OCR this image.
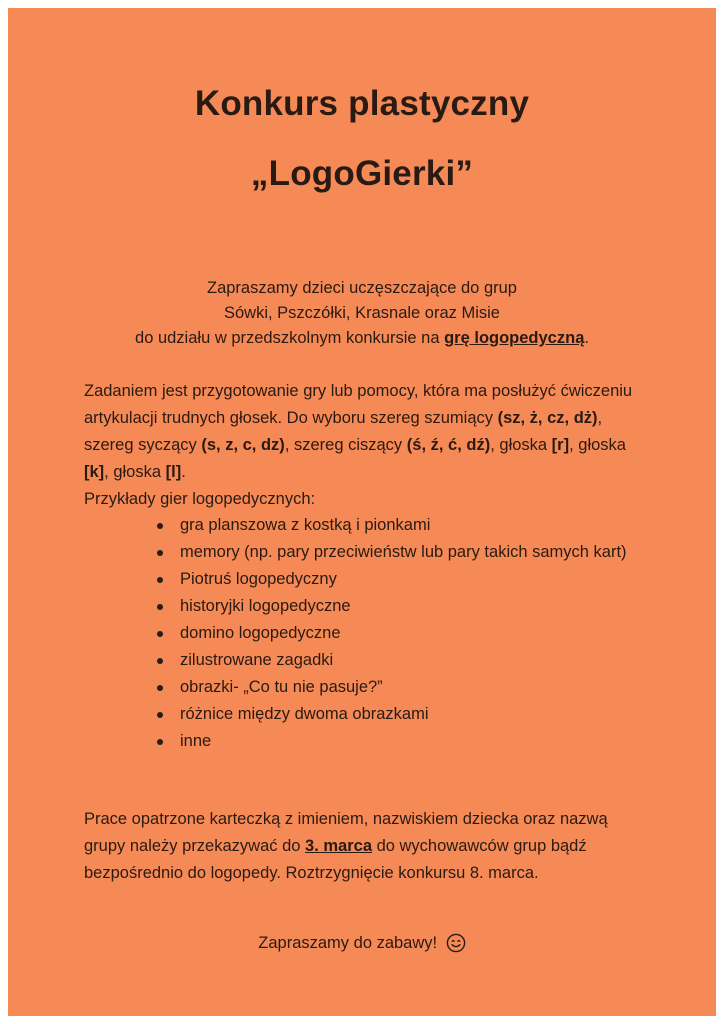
Konkurs plastyczny
„LogoGierki”
Zapraszamy dzieci uczęszczające do grup
Sówki, Pszczółki, Krasnale oraz Misie
do udziału w przedszkolnym konkursie na grę logopedyczną.
Zadaniem jest przygotowanie gry lub pomocy, która ma posłużyć ćwiczeniu artykulacji trudnych głosek. Do wyboru szereg szumiący (sz, ż, cz, dż), szereg syczący (s, z, c, dz), szereg ciszący (ś, ź, ć, dź), głoska [r], głoska [k], głoska [l].
Przykłady gier logopedycznych:
gra planszowa z kostką i pionkami
memory (np. pary przeciwieństw lub pary takich samych kart)
Piotruś logopedyczny
historyjki logopedyczne
domino logopedyczne
zilustrowane zagadki
obrazki- „Co tu nie pasuje?”
różnice między dwoma obrazkami
inne
Prace opatrzone karteczką z imieniem, nazwiskiem dziecka oraz nazwą grupy należy przekazywać do 3. marca do wychowawców grup bądź bezpośrednio do logopedy. Roztrzygnięcie konkursu 8. marca.
Zapraszamy do zabawy!
